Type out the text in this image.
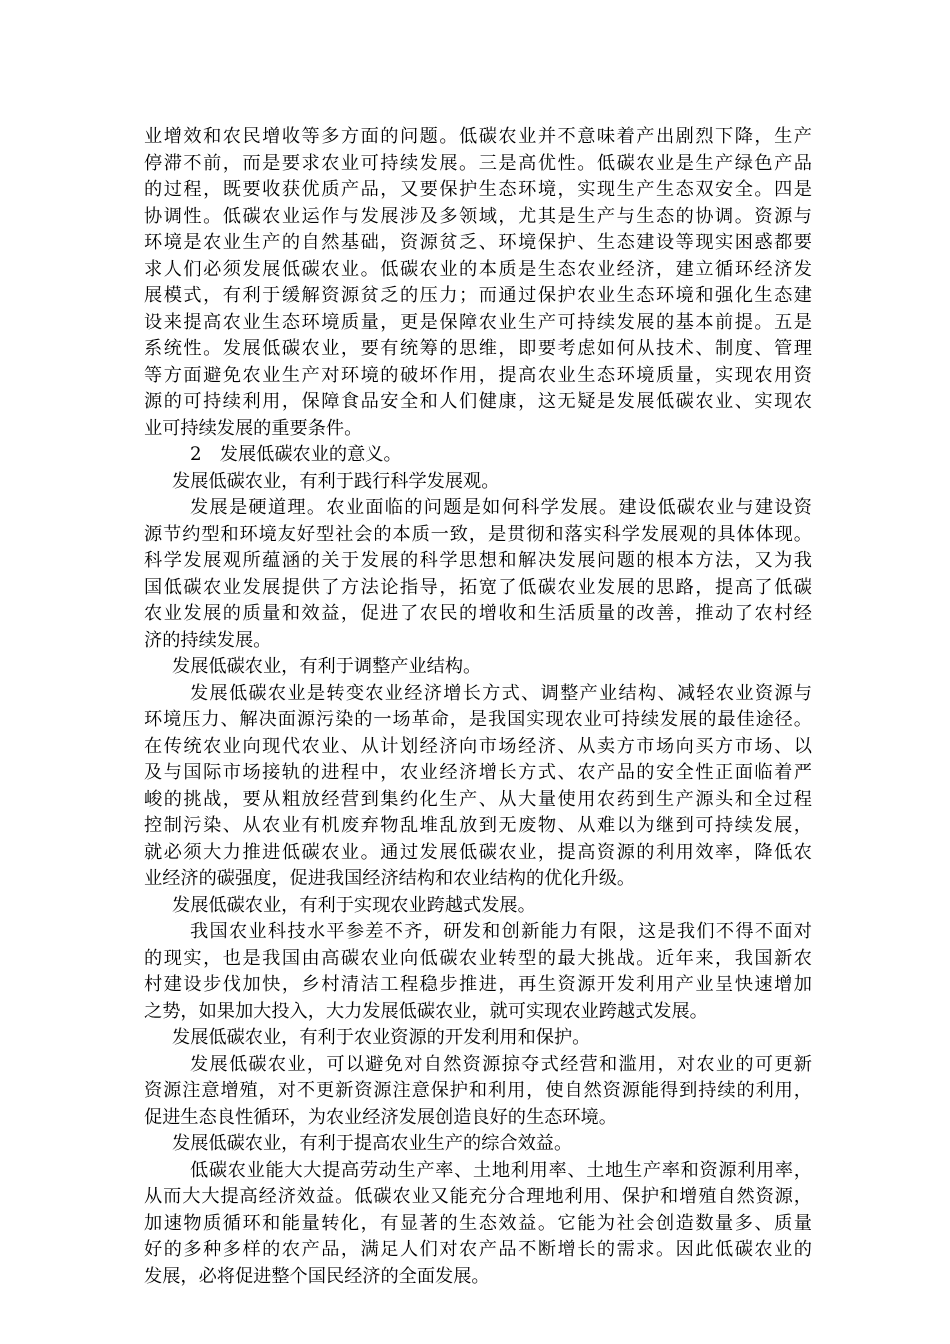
业增效和农民增收等多方面的问题。低碳农业并不意味着产出剧烈下降，生产
停滞不前，而是要求农业可持续发展。三是高优性。低碳农业是生产绿色产品
的过程，既要收获优质产品，又要保护生态环境，实现生产生态双安全。四是
协调性。低碳农业运作与发展涉及多领域，尤其是生产与生态的协调。资源与
环境是农业生产的自然基础，资源贫乏、环境保护、生态建设等现实困惑都要
求人们必须发展低碳农业。低碳农业的本质是生态农业经济，建立循环经济发
展模式，有利于缓解资源贫乏的压力；而通过保护农业生态环境和强化生态建
设来提高农业生态环境质量，更是保障农业生产可持续发展的基本前提。五是
系统性。发展低碳农业，要有统筹的思维，即要考虑如何从技术、制度、管理
等方面避免农业生产对环境的破坏作用，提高农业生态环境质量，实现农用资
源的可持续利用，保障食品安全和人们健康，这无疑是发展低碳农业、实现农
业可持续发展的重要条件。
2　发展低碳农业的意义。
发展低碳农业，有利于践行科学发展观。
发展是硬道理。农业面临的问题是如何科学发展。建设低碳农业与建设资
源节约型和环境友好型社会的本质一致，是贯彻和落实科学发展观的具体体现。
科学发展观所蕴涵的关于发展的科学思想和解决发展问题的根本方法，又为我
国低碳农业发展提供了方法论指导，拓宽了低碳农业发展的思路，提高了低碳
农业发展的质量和效益，促进了农民的增收和生活质量的改善，推动了农村经
济的持续发展。
发展低碳农业，有利于调整产业结构。
发展低碳农业是转变农业经济增长方式、调整产业结构、减轻农业资源与
环境压力、解决面源污染的一场革命，是我国实现农业可持续发展的最佳途径。
在传统农业向现代农业、从计划经济向市场经济、从卖方市场向买方市场、以
及与国际市场接轨的进程中，农业经济增长方式、农产品的安全性正面临着严
峻的挑战，要从粗放经营到集约化生产、从大量使用农药到生产源头和全过程
控制污染、从农业有机废弃物乱堆乱放到无废物、从难以为继到可持续发展，
就必须大力推进低碳农业。通过发展低碳农业，提高资源的利用效率，降低农
业经济的碳强度，促进我国经济结构和农业结构的优化升级。
发展低碳农业，有利于实现农业跨越式发展。
我国农业科技水平参差不齐，研发和创新能力有限，这是我们不得不面对
的现实，也是我国由高碳农业向低碳农业转型的最大挑战。近年来，我国新农
村建设步伐加快，乡村清洁工程稳步推进，再生资源开发利用产业呈快速增加
之势，如果加大投入，大力发展低碳农业，就可实现农业跨越式发展。
发展低碳农业，有利于农业资源的开发利用和保护。
发展低碳农业，可以避免对自然资源掠夺式经营和滥用，对农业的可更新
资源注意增殖，对不更新资源注意保护和利用，使自然资源能得到持续的利用，
促进生态良性循环，为农业经济发展创造良好的生态环境。
发展低碳农业，有利于提高农业生产的综合效益。
低碳农业能大大提高劳动生产率、土地利用率、土地生产率和资源利用率，
从而大大提高经济效益。低碳农业又能充分合理地利用、保护和增殖自然资源，
加速物质循环和能量转化，有显著的生态效益。它能为社会创造数量多、质量
好的多种多样的农产品，满足人们对农产品不断增长的需求。因此低碳农业的
发展，必将促进整个国民经济的全面发展。
